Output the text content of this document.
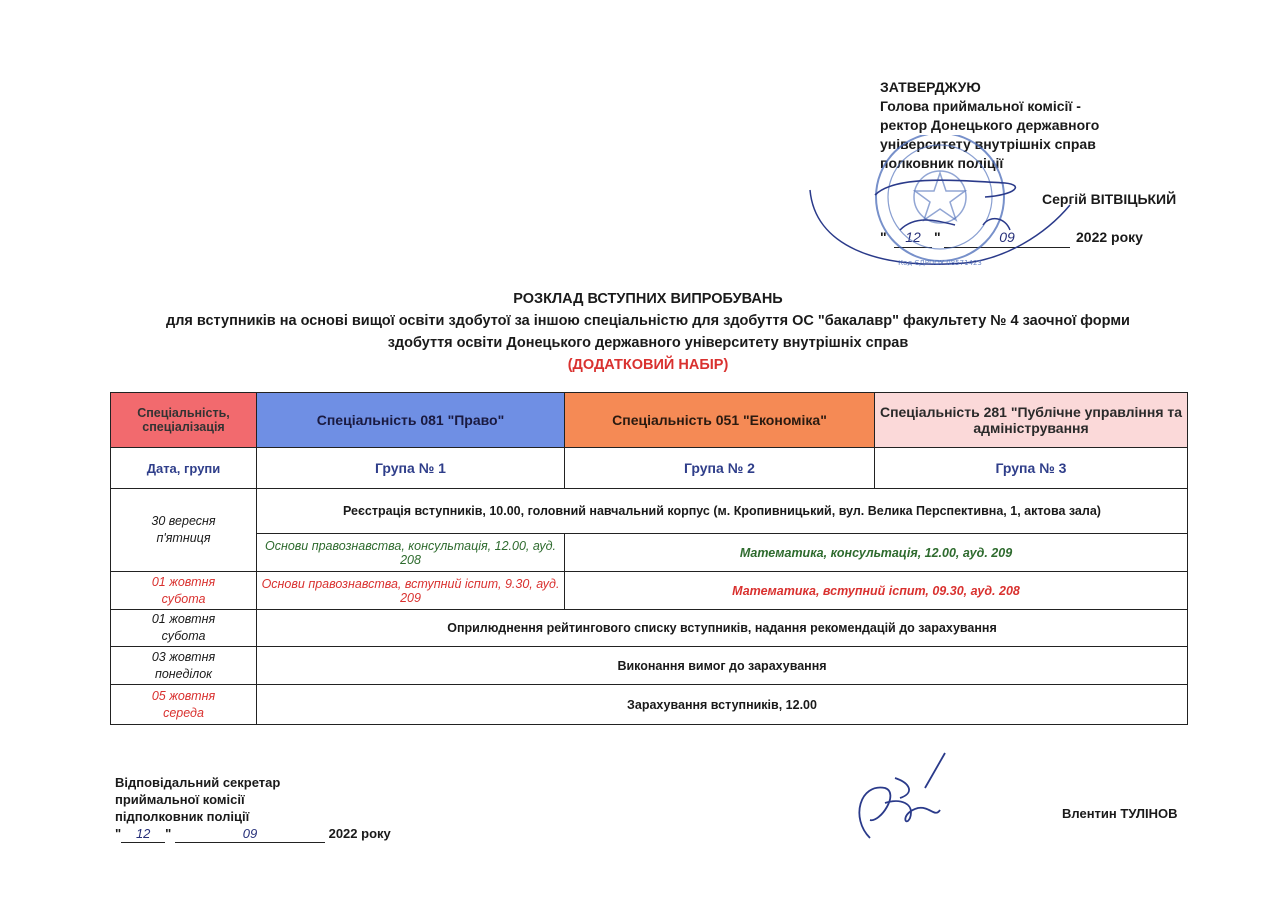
ЗАТВЕРДЖУЮ
Голова приймальної комісії -
ректор Донецького державного
університету внутрішніх справ
полковник поліції
Сергій ВІТВІЦЬКИЙ
"	12 "	09	2022 року
Код ЄДРПОУ 08571423
РОЗКЛАД ВСТУПНИХ ВИПРОБУВАНЬ
для вступників на основі вищої освіти здобутої за іншою спеціальністю для здобуття ОС "бакалавр" факультету № 4 заочної форми
здобуття освіти Донецького державного університету внутрішніх справ
(ДОДАТКОВИЙ НАБІР)
Спеціальність, спеціалізація	Спеціальність 081 "Право"	Спеціальність 051 "Економіка"	Спеціальність 281 "Публічне управління та адміністрування
Дата, групи	Група № 1	Група № 2	Група № 3

30 вересня
п'ятниця	Реєстрація вступників, 10.00, головний навчальний корпус (м. Кропивницький, вул. Велика Перспективна, 1, актова зала)		
	Основи правознавства, консультація, 12.00, ауд. 208	Математика, консультація, 12.00, ауд. 209	

01 жовтня
субота	Основи правознавства, вступний іспит, 9.30, ауд. 209	Математика, вступний іспит, 09.30, ауд. 208	

01 жовтня
субота	Оприлюднення рейтингового списку вступників, надання рекомендацій до зарахування		

03 жовтня
понеділок	Виконання вимог до зарахування		

05 жовтня
середа	Зарахування вступників, 12.00		
Відповідальний секретар
приймальної комісії
підполковник поліції
" 12 "	09	2022 року
Влентин ТУЛІНОВ
